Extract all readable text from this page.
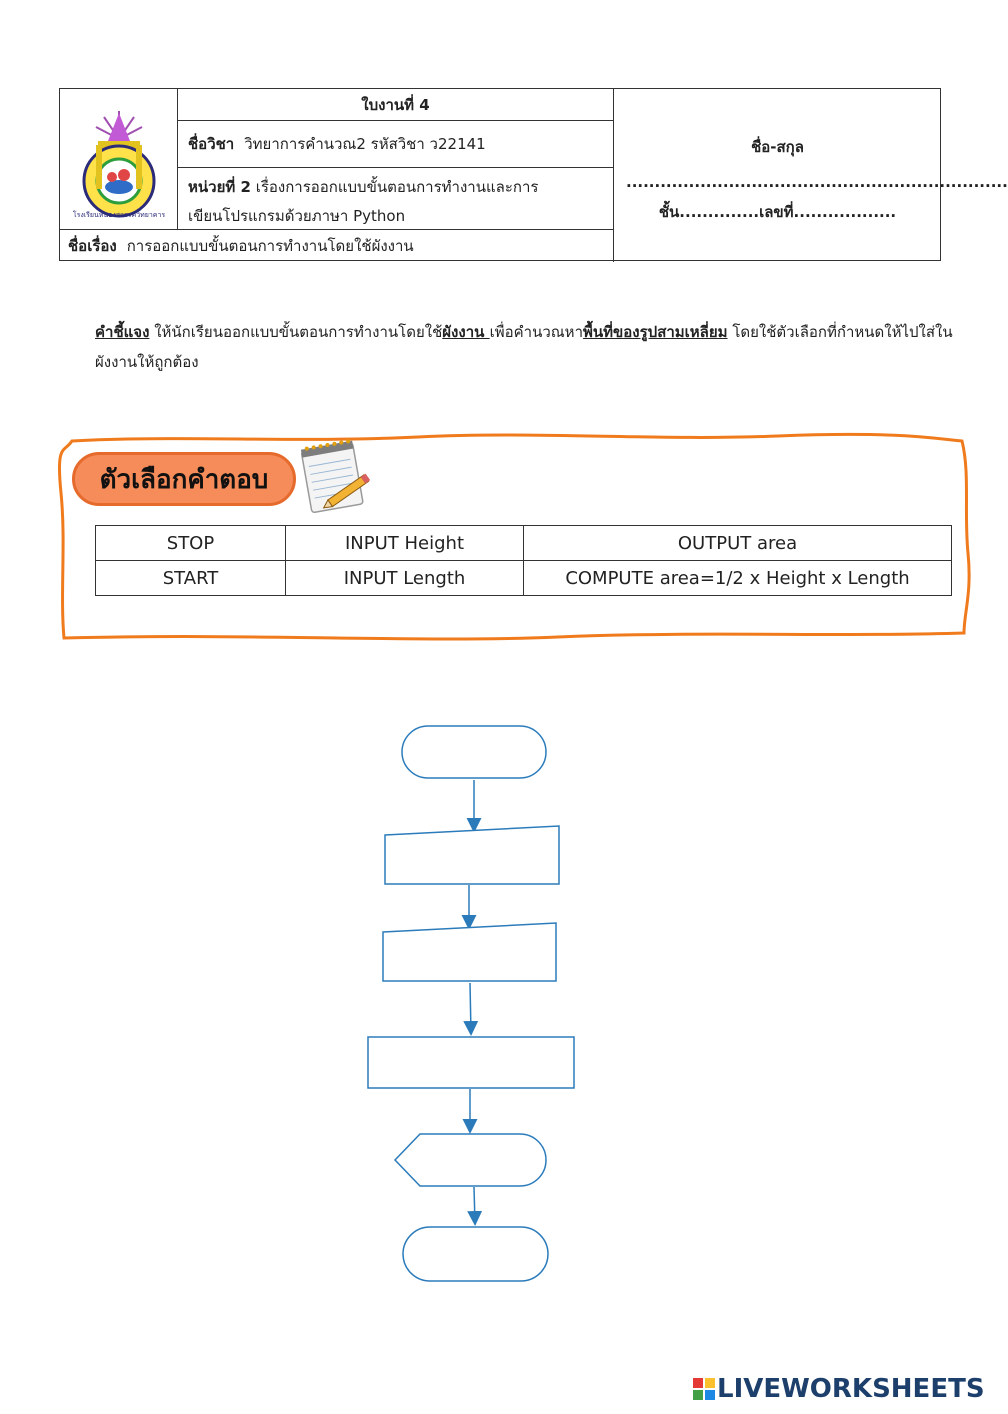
โรงเรียนหนองสวรรค์วิทยาคาร
ใบงานที่ 4
ชื่อวิชา วิทยาการคำนวณ2 รหัสวิชา ว22141
หน่วยที่ 2 เรื่องการออกแบบขั้นตอนการทำงานและการ
เขียนโปรแกรมด้วยภาษา Python
ชื่อเรื่อง การออกแบบขั้นตอนการทำงานโดยใช้ผังงาน
ชื่อ-สกุล
...................................................................
ชั้น..............เลขที่..................
คำชี้แจง ให้นักเรียนออกแบบขั้นตอนการทำงานโดยใช้ผังงาน เพื่อคำนวณหาพื้นที่ของรูปสามเหลี่ยม โดยใช้ตัวเลือกที่กำหนดให้ไปใส่ในผังงานให้ถูกต้อง
ตัวเลือกคำตอบ
STOP	INPUT Height	OUTPUT area
START	INPUT Length	COMPUTE area=1/2 x Height x Length
LIVEWORKSHEETS
